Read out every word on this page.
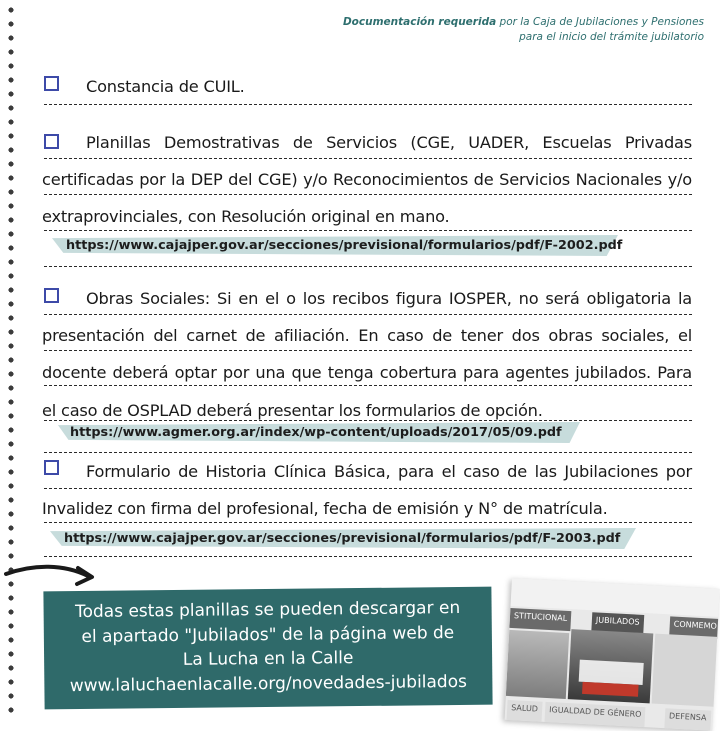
Documentación requerida por la Caja de Jubilaciones y Pensiones
para el inicio del trámite jubilatorio
Constancia de CUIL.
Planillas Demostrativas de Servicios (CGE, UADER, Escuelas Privadas certificadas por la DEP del CGE) y/o Reconocimientos de Servicios Nacionales y/o extraprovinciales, con Resolución original en mano.
https://www.cajajper.gov.ar/secciones/previsional/formularios/pdf/F-2002.pdf
Obras Sociales: Si en el o los recibos figura IOSPER, no será obligatoria la presentación del carnet de afiliación. En caso de tener dos obras sociales, el docente deberá optar por una que tenga cobertura para agentes jubilados. Para el caso de OSPLAD deberá presentar los formularios de opción.
https://www.agmer.org.ar/index/wp-content/uploads/2017/05/09.pdf
Formulario de Historia Clínica Básica, para el caso de las Jubilaciones por Invalidez con firma del profesional, fecha de emisión y N° de matrícula.
https://www.cajajper.gov.ar/secciones/previsional/formularios/pdf/F-2003.pdf
Todas estas planillas se pueden descargar en
el apartado "Jubilados" de la página web de
La Lucha en la Calle
www.laluchaenlacalle.org/novedades-jubilados
STITUCIONAL	JUBILADOS	CONMEMO
SALUD	IGUALDAD DE GÉNERO	DEFENSA
